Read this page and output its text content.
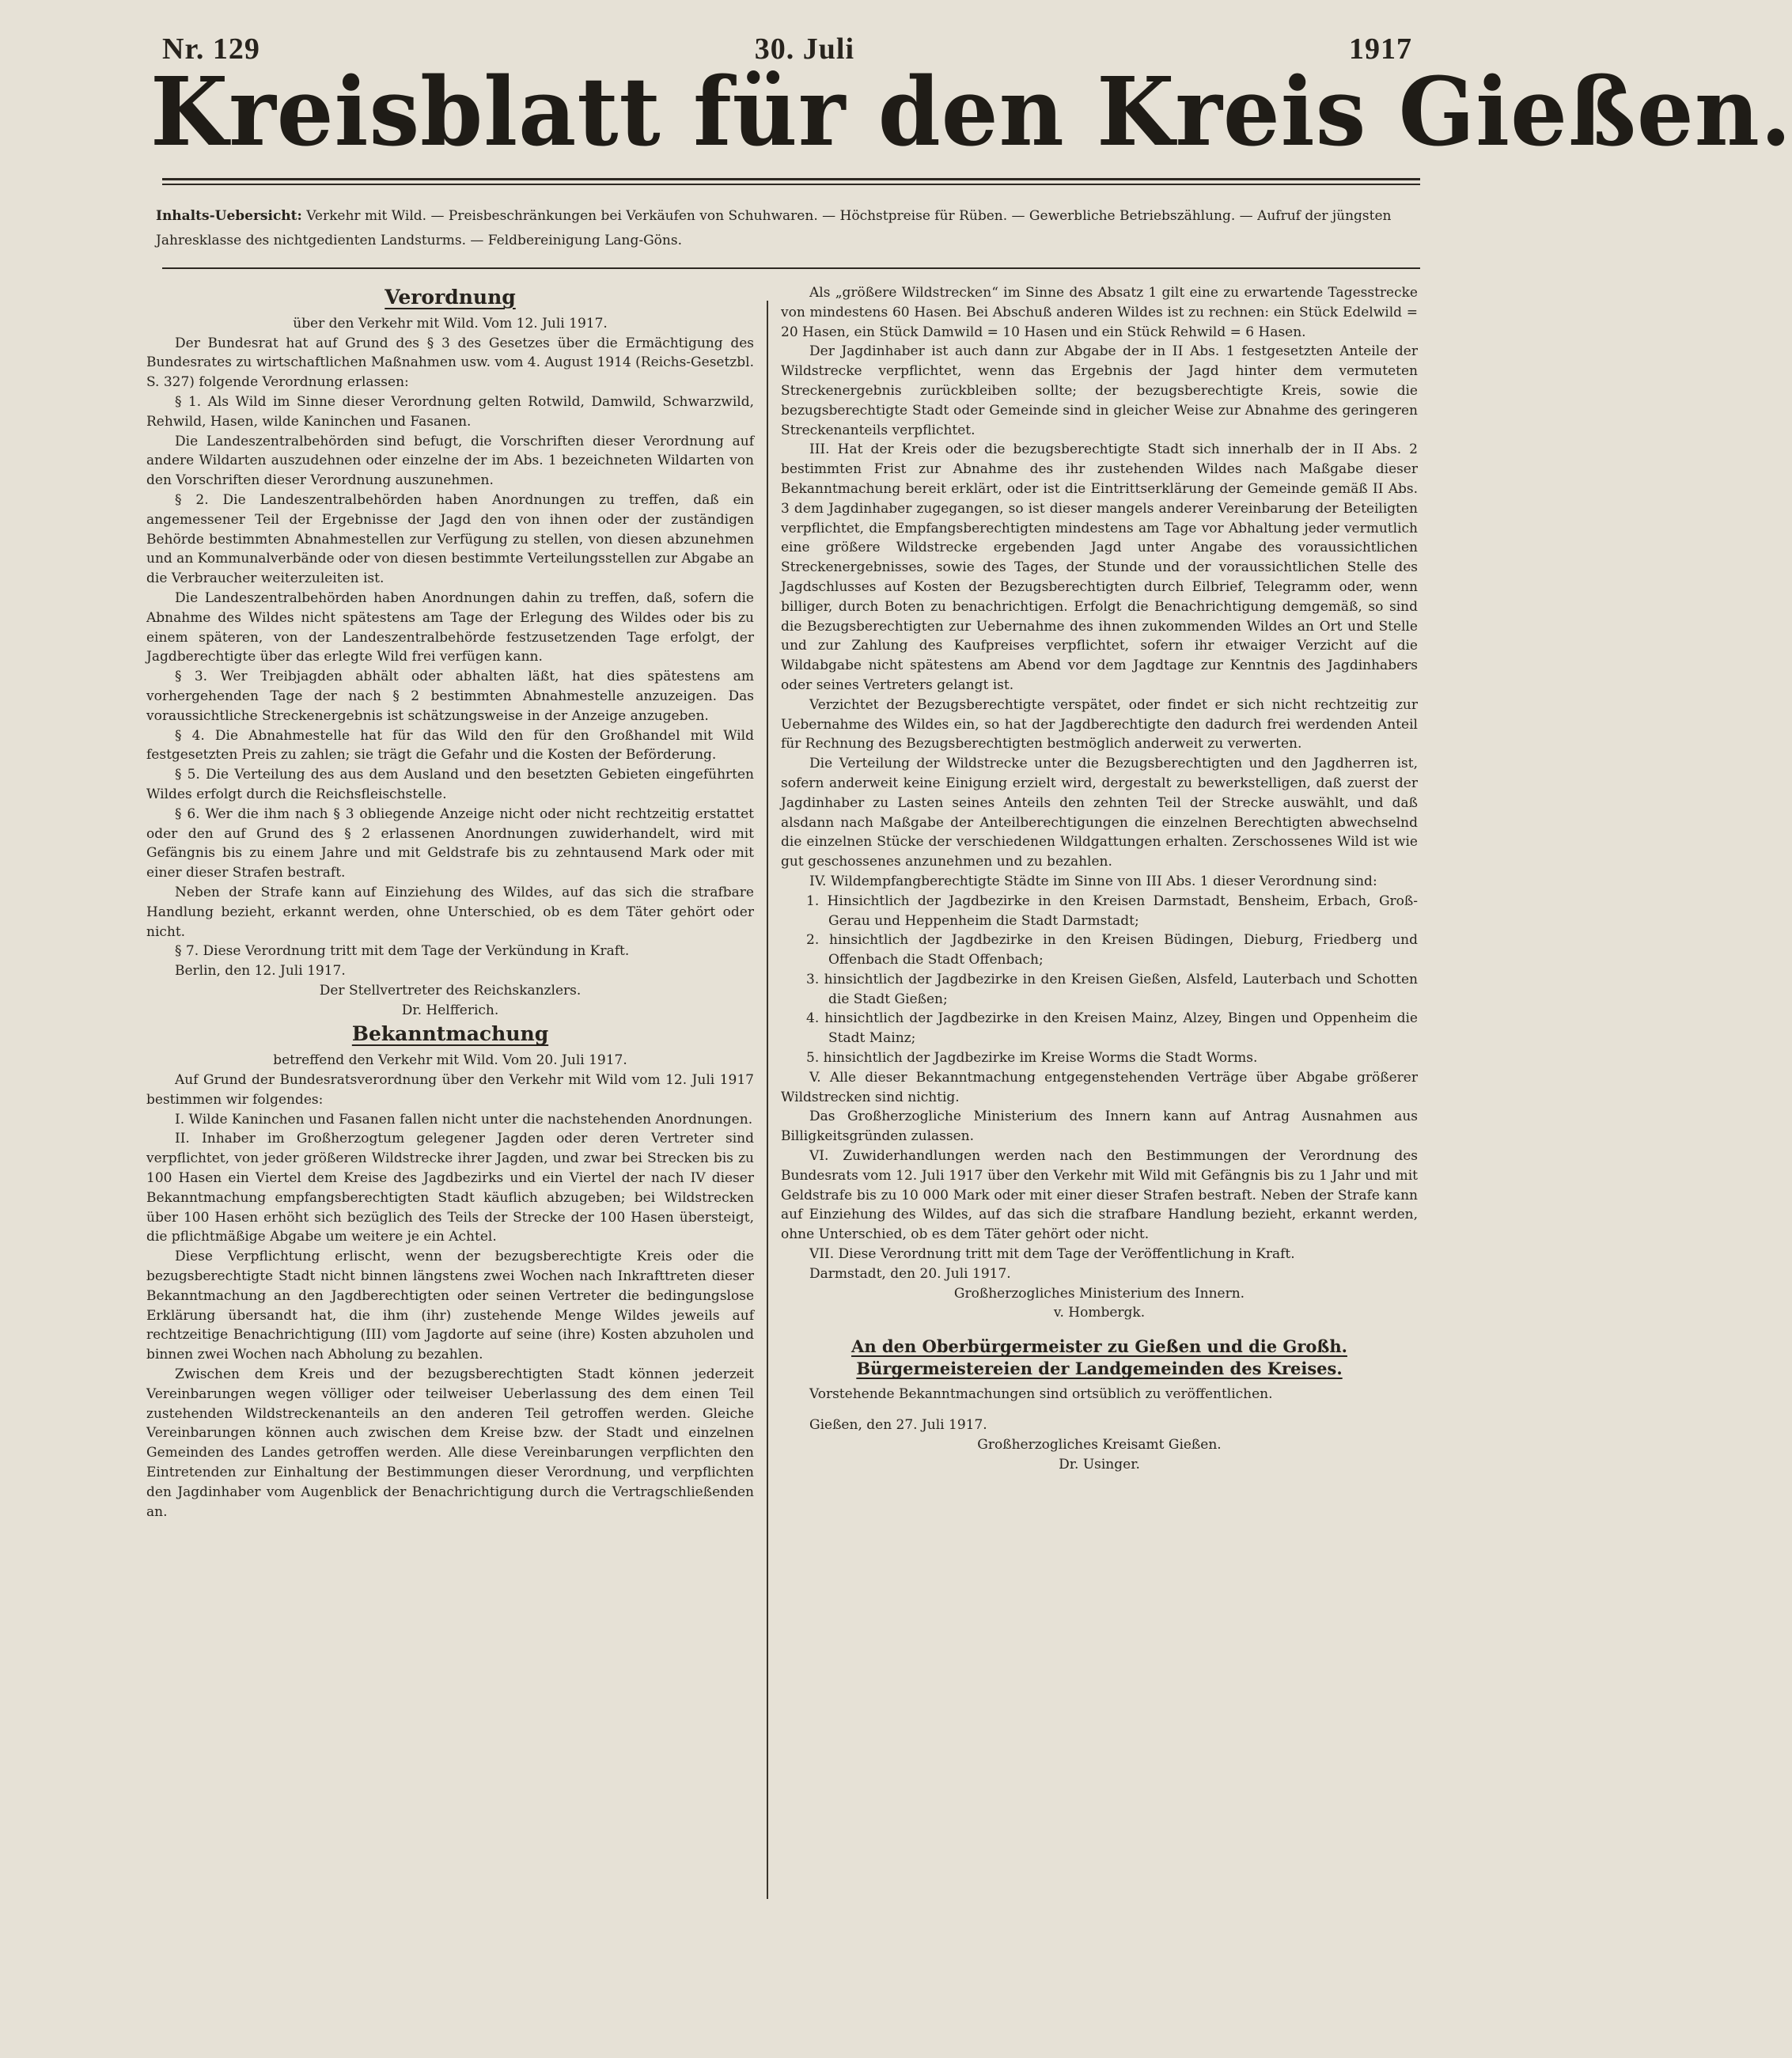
Nr. 129	30. Juli	1917
Kreisblatt für den Kreis Gießen.
Inhalts-Uebersicht: Verkehr mit Wild. — Preisbeschränkungen bei Verkäufen von Schuhwaren. — Höchstpreise für Rüben. — Gewerbliche Betriebszählung. — Aufruf der jüngsten Jahresklasse des nichtgedienten Landsturms. — Feldbereinigung Lang-Göns.
Verordnung

über den Verkehr mit Wild. Vom 12. Juli 1917.

Der Bundesrat hat auf Grund des § 3 des Gesetzes über die Ermächtigung des Bundesrates zu wirtschaftlichen Maßnahmen usw. vom 4. August 1914 (Reichs-Gesetzbl. S. 327) folgende Verordnung erlassen:

§ 1. Als Wild im Sinne dieser Verordnung gelten Rotwild, Damwild, Schwarzwild, Rehwild, Hasen, wilde Kaninchen und Fasanen.

Die Landeszentralbehörden sind befugt, die Vorschriften dieser Verordnung auf andere Wildarten auszudehnen oder einzelne der im Abs. 1 bezeichneten Wildarten von den Vorschriften dieser Verordnung auszunehmen.

§ 2. Die Landeszentralbehörden haben Anordnungen zu treffen, daß ein angemessener Teil der Ergebnisse der Jagd den von ihnen oder der zuständigen Behörde bestimmten Abnahmestellen zur Verfügung zu stellen, von diesen abzunehmen und an Kommunalverbände oder von diesen bestimmte Verteilungsstellen zur Abgabe an die Verbraucher weiterzuleiten ist.

Die Landeszentralbehörden haben Anordnungen dahin zu treffen, daß, sofern die Abnahme des Wildes nicht spätestens am Tage der Erlegung des Wildes oder bis zu einem späteren, von der Landeszentralbehörde festzusetzenden Tage erfolgt, der Jagdberechtigte über das erlegte Wild frei verfügen kann.

§ 3. Wer Treibjagden abhält oder abhalten läßt, hat dies spätestens am vorhergehenden Tage der nach § 2 bestimmten Abnahmestelle anzuzeigen. Das voraussichtliche Streckenergebnis ist schätzungsweise in der Anzeige anzugeben.

§ 4. Die Abnahmestelle hat für das Wild den für den Großhandel mit Wild festgesetzten Preis zu zahlen; sie trägt die Gefahr und die Kosten der Beförderung.

§ 5. Die Verteilung des aus dem Ausland und den besetzten Gebieten eingeführten Wildes erfolgt durch die Reichsfleischstelle.

§ 6. Wer die ihm nach § 3 obliegende Anzeige nicht oder nicht rechtzeitig erstattet oder den auf Grund des § 2 erlassenen Anordnungen zuwiderhandelt, wird mit Gefängnis bis zu einem Jahre und mit Geldstrafe bis zu zehntausend Mark oder mit einer dieser Strafen bestraft.

Neben der Strafe kann auf Einziehung des Wildes, auf das sich die strafbare Handlung bezieht, erkannt werden, ohne Unterschied, ob es dem Täter gehört oder nicht.

§ 7. Diese Verordnung tritt mit dem Tage der Verkündung in Kraft.

Berlin, den 12. Juli 1917.

Der Stellvertreter des Reichskanzlers.

Dr. Helfferich.

Bekanntmachung

betreffend den Verkehr mit Wild. Vom 20. Juli 1917.

Auf Grund der Bundesratsverordnung über den Verkehr mit Wild vom 12. Juli 1917 bestimmen wir folgendes:

I. Wilde Kaninchen und Fasanen fallen nicht unter die nachstehenden Anordnungen.

II. Inhaber im Großherzogtum gelegener Jagden oder deren Vertreter sind verpflichtet, von jeder größeren Wildstrecke ihrer Jagden, und zwar bei Strecken bis zu 100 Hasen ein Viertel dem Kreise des Jagdbezirks und ein Viertel der nach IV dieser Bekanntmachung empfangsberechtigten Stadt käuflich abzugeben; bei Wildstrecken über 100 Hasen erhöht sich bezüglich des Teils der Strecke der 100 Hasen übersteigt, die pflichtmäßige Abgabe um weitere je ein Achtel.

Diese Verpflichtung erlischt, wenn der bezugsberechtigte Kreis oder die bezugsberechtigte Stadt nicht binnen längstens zwei Wochen nach Inkrafttreten dieser Bekanntmachung an den Jagdberechtigten oder seinen Vertreter die bedingungslose Erklärung übersandt hat, die ihm (ihr) zustehende Menge Wildes jeweils auf rechtzeitige Benachrichtigung (III) vom Jagdorte auf seine (ihre) Kosten abzuholen und binnen zwei Wochen nach Abholung zu bezahlen.

Zwischen dem Kreis und der bezugsberechtigten Stadt können jederzeit Vereinbarungen wegen völliger oder teilweiser Ueberlassung des dem einen Teil zustehenden Wildstreckenanteils an den anderen Teil getroffen werden. Gleiche Vereinbarungen können auch zwischen dem Kreise bzw. der Stadt und einzelnen Gemeinden des Landes getroffen werden. Alle diese Vereinbarungen verpflichten den Eintretenden zur Einhaltung der Bestimmungen dieser Verordnung, und verpflichten den Jagdinhaber vom Augenblick der Benachrichtigung durch die Vertragschließenden an.

Als „größere Wildstrecken“ im Sinne des Absatz 1 gilt eine zu erwartende Tagesstrecke von mindestens 60 Hasen. Bei Abschuß anderen Wildes ist zu rechnen: ein Stück Edelwild = 20 Hasen, ein Stück Damwild = 10 Hasen und ein Stück Rehwild = 6 Hasen.

Der Jagdinhaber ist auch dann zur Abgabe der in II Abs. 1 festgesetzten Anteile der Wildstrecke verpflichtet, wenn das Ergebnis der Jagd hinter dem vermuteten Streckenergebnis zurückbleiben sollte; der bezugsberechtigte Kreis, sowie die bezugsberechtigte Stadt oder Gemeinde sind in gleicher Weise zur Abnahme des geringeren Streckenanteils verpflichtet.

III. Hat der Kreis oder die bezugsberechtigte Stadt sich innerhalb der in II Abs. 2 bestimmten Frist zur Abnahme des ihr zustehenden Wildes nach Maßgabe dieser Bekanntmachung bereit erklärt, oder ist die Eintrittserklärung der Gemeinde gemäß II Abs. 3 dem Jagdinhaber zugegangen, so ist dieser mangels anderer Vereinbarung der Beteiligten verpflichtet, die Empfangsberechtigten mindestens am Tage vor Abhaltung jeder vermutlich eine größere Wildstrecke ergebenden Jagd unter Angabe des voraussichtlichen Streckenergebnisses, sowie des Tages, der Stunde und der voraussichtlichen Stelle des Jagdschlusses auf Kosten der Bezugsberechtigten durch Eilbrief, Telegramm oder, wenn billiger, durch Boten zu benachrichtigen. Erfolgt die Benachrichtigung demgemäß, so sind die Bezugsberechtigten zur Uebernahme des ihnen zukommenden Wildes an Ort und Stelle und zur Zahlung des Kaufpreises verpflichtet, sofern ihr etwaiger Verzicht auf die Wildabgabe nicht spätestens am Abend vor dem Jagdtage zur Kenntnis des Jagdinhabers oder seines Vertreters gelangt ist.

Verzichtet der Bezugsberechtigte verspätet, oder findet er sich nicht rechtzeitig zur Uebernahme des Wildes ein, so hat der Jagdberechtigte den dadurch frei werdenden Anteil für Rechnung des Bezugsberechtigten bestmöglich anderweit zu verwerten.

Die Verteilung der Wildstrecke unter die Bezugsberechtigten und den Jagdherren ist, sofern anderweit keine Einigung erzielt wird, dergestalt zu bewerkstelligen, daß zuerst der Jagdinhaber zu Lasten seines Anteils den zehnten Teil der Strecke auswählt, und daß alsdann nach Maßgabe der Anteilberechtigungen die einzelnen Berechtigten abwechselnd die einzelnen Stücke der verschiedenen Wildgattungen erhalten. Zerschossenes Wild ist wie gut geschossenes anzunehmen und zu bezahlen.

IV. Wildempfangberechtigte Städte im Sinne von III Abs. 1 dieser Verordnung sind:

1. Hinsichtlich der Jagdbezirke in den Kreisen Darmstadt, Bensheim, Erbach, Groß-Gerau und Heppenheim die Stadt Darmstadt;

2. hinsichtlich der Jagdbezirke in den Kreisen Büdingen, Dieburg, Friedberg und Offenbach die Stadt Offenbach;

3. hinsichtlich der Jagdbezirke in den Kreisen Gießen, Alsfeld, Lauterbach und Schotten die Stadt Gießen;

4. hinsichtlich der Jagdbezirke in den Kreisen Mainz, Alzey, Bingen und Oppenheim die Stadt Mainz;

5. hinsichtlich der Jagdbezirke im Kreise Worms die Stadt Worms.

V. Alle dieser Bekanntmachung entgegenstehenden Verträge über Abgabe größerer Wildstrecken sind nichtig.

Das Großherzogliche Ministerium des Innern kann auf Antrag Ausnahmen aus Billigkeitsgründen zulassen.

VI. Zuwiderhandlungen werden nach den Bestimmungen der Verordnung des Bundesrats vom 12. Juli 1917 über den Verkehr mit Wild mit Gefängnis bis zu 1 Jahr und mit Geldstrafe bis zu 10 000 Mark oder mit einer dieser Strafen bestraft. Neben der Strafe kann auf Einziehung des Wildes, auf das sich die strafbare Handlung bezieht, erkannt werden, ohne Unterschied, ob es dem Täter gehört oder nicht.

VII. Diese Verordnung tritt mit dem Tage der Veröffentlichung in Kraft.

Darmstadt, den 20. Juli 1917.

Großherzogliches Ministerium des Innern.

v. Hombergk.

An den Oberbürgermeister zu Gießen und die Großh. Bürgermeistereien der Landgemeinden des Kreises.

Vorstehende Bekanntmachungen sind ortsüblich zu veröffentlichen.

Gießen, den 27. Juli 1917.

Großherzogliches Kreisamt Gießen.

Dr. Usinger.
